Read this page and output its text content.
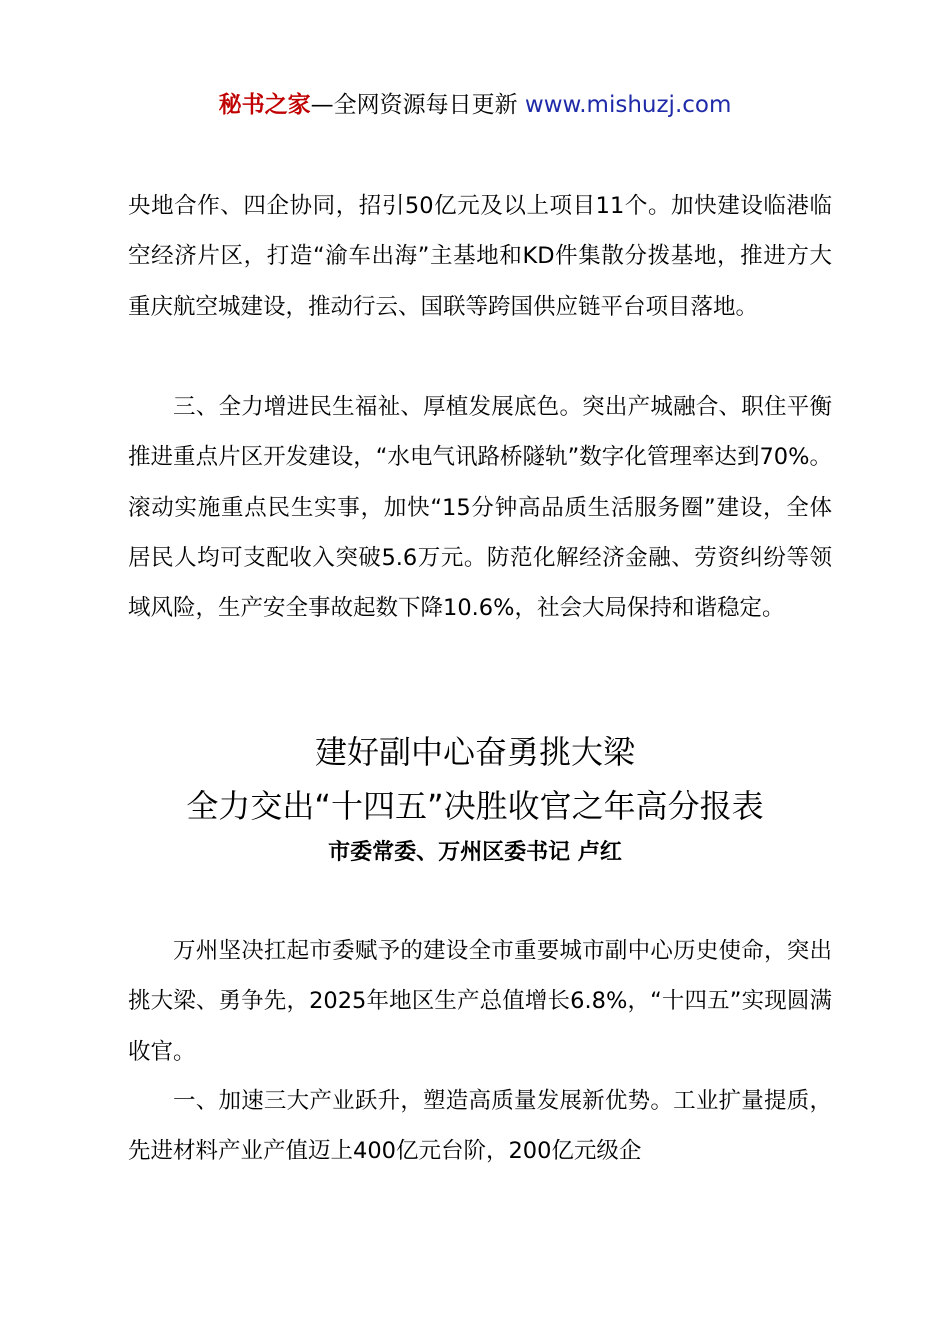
秘书之家—全网资源每日更新 www.mishuzj.com

央地合作、四企协同，招引50亿元及以上项目11个。加快建设临港临空经济片区，打造“渝车出海”主基地和KD件集散分拨基地，推进方大重庆航空城建设，推动行云、国联等跨国供应链平台项目落地。

三、全力增进民生福祉、厚植发展底色。突出产城融合、职住平衡推进重点片区开发建设，“水电气讯路桥隧轨”数字化管理率达到70%。滚动实施重点民生实事，加快“15分钟高品质生活服务圈”建设，全体居民人均可支配收入突破5.6万元。防范化解经济金融、劳资纠纷等领域风险，生产安全事故起数下降10.6%，社会大局保持和谐稳定。

建好副中心奋勇挑大梁
全力交出“十四五”决胜收官之年高分报表
市委常委、万州区委书记 卢红

万州坚决扛起市委赋予的建设全市重要城市副中心历史使命，突出挑大梁、勇争先，2025年地区生产总值增长6.8%，“十四五”实现圆满收官。

一、加速三大产业跃升，塑造高质量发展新优势。工业扩量提质，先进材料产业产值迈上400亿元台阶，200亿元级企
